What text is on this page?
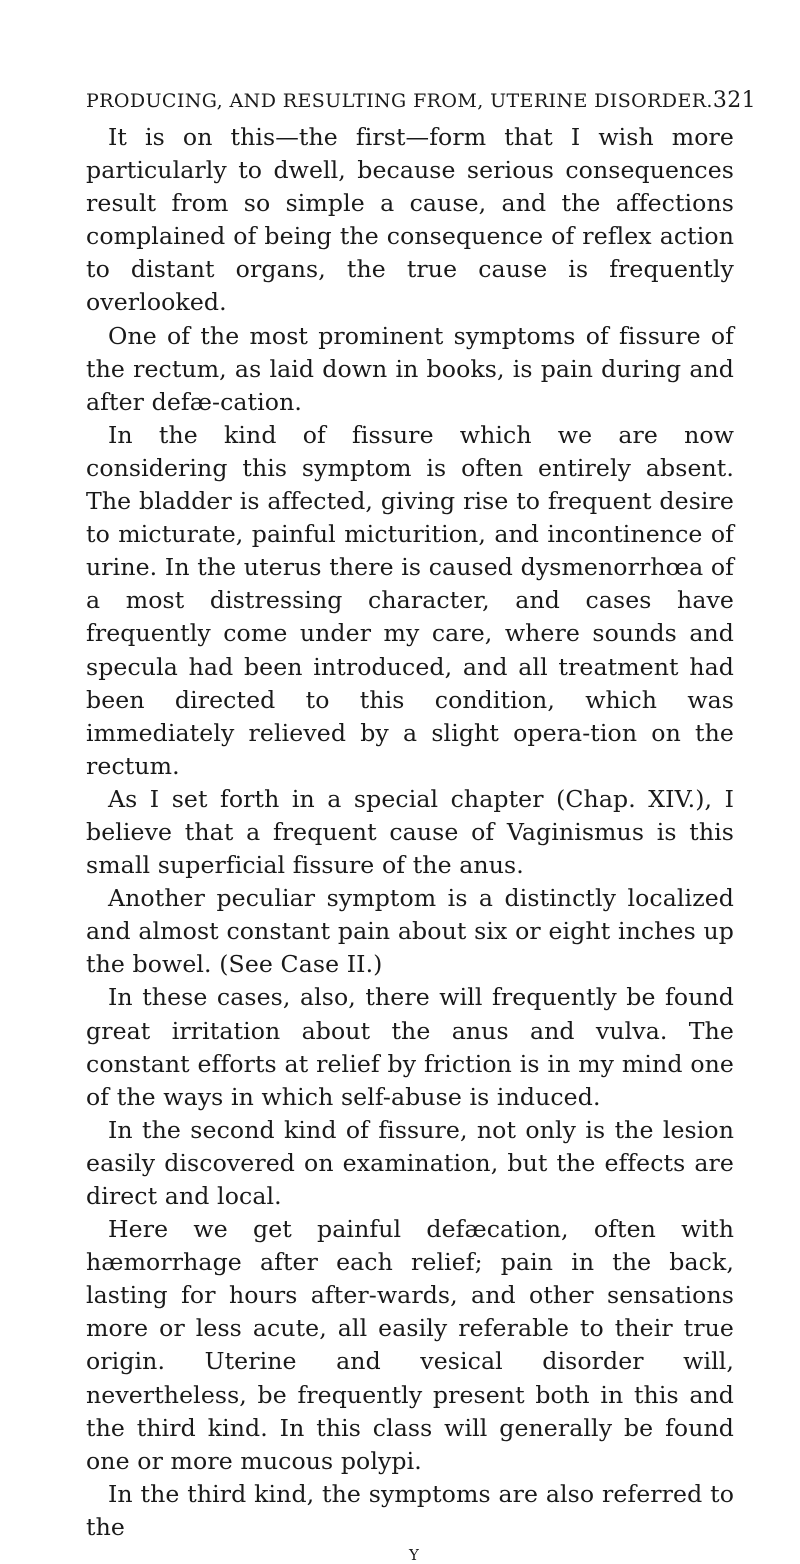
PRODUCING, AND RESULTING FROM, UTERINE DISORDER. 321

It is on this—the first—form that I wish more particularly to dwell, because serious consequences result from so simple a cause, and the affections complained of being the consequence of reflex action to distant organs, the true cause is frequently overlooked.

One of the most prominent symptoms of fissure of the rectum, as laid down in books, is pain during and after defæ-cation.

In the kind of fissure which we are now considering this symptom is often entirely absent. The bladder is affected, giving rise to frequent desire to micturate, painful micturition, and incontinence of urine. In the uterus there is caused dysmenorrhœa of a most distressing character, and cases have frequently come under my care, where sounds and specula had been introduced, and all treatment had been directed to this condition, which was immediately relieved by a slight opera-tion on the rectum.

As I set forth in a special chapter (Chap. XIV.), I believe that a frequent cause of Vaginismus is this small superficial fissure of the anus.

Another peculiar symptom is a distinctly localized and almost constant pain about six or eight inches up the bowel. (See Case II.)

In these cases, also, there will frequently be found great irritation about the anus and vulva. The constant efforts at relief by friction is in my mind one of the ways in which self-abuse is induced.

In the second kind of fissure, not only is the lesion easily discovered on examination, but the effects are direct and local.

Here we get painful defæcation, often with hæmorrhage after each relief; pain in the back, lasting for hours after-wards, and other sensations more or less acute, all easily referable to their true origin. Uterine and vesical disorder will, nevertheless, be frequently present both in this and the third kind. In this class will generally be found one or more mucous polypi.

In the third kind, the symptoms are also referred to the

Y
